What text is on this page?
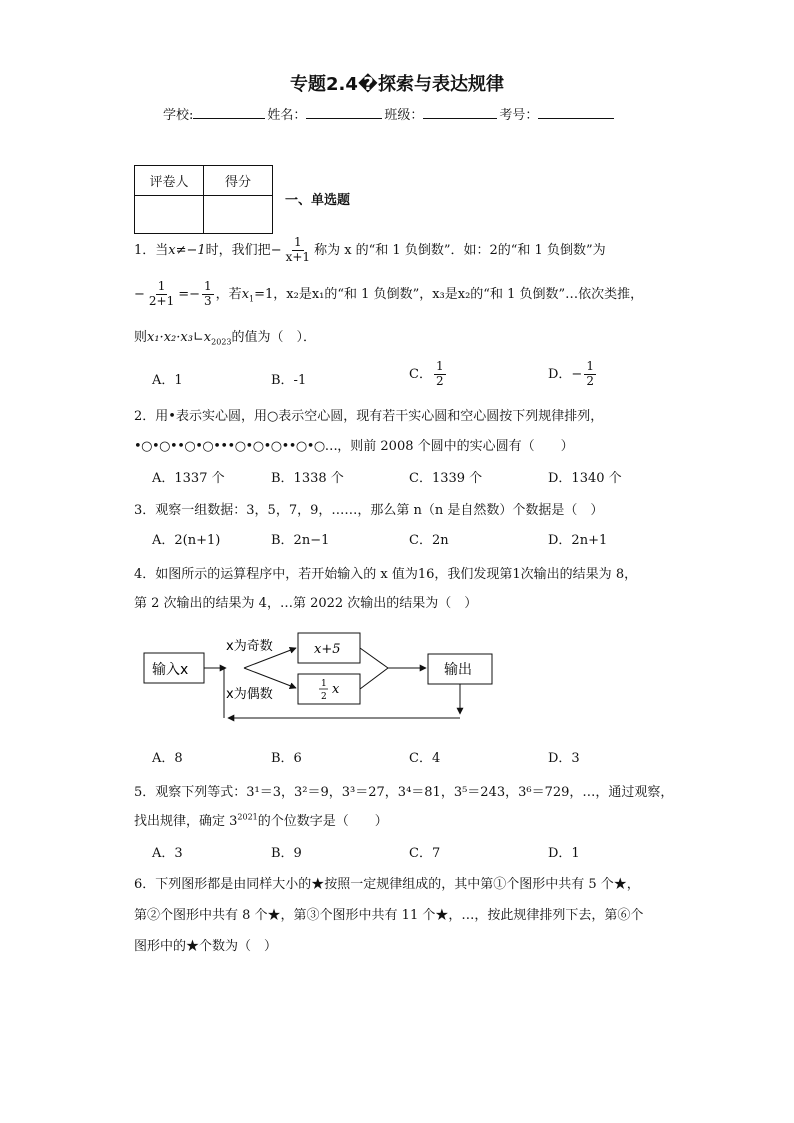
专题2.4�探索与表达规律
学校:	姓名：	班级：	考号：
评卷人	得分

一、单选题
1．当x≠−1时，我们把− $\frac{1}{x+1}$ 称为 x 的“和 1 负倒数”．如：2的“和 1 负倒数”为
− $\frac{1}{2+1} =- \frac{1}{3}$ ，若$x_1=1$，x₂是x₁的“和 1 负倒数”，x₃是x₂的“和 1 负倒数”…依次类推，
则$x_1\cdot x_2\cdot x_3∟x_{2023}$的值为（　）．
A．1	B．-1	C． $\frac{1}{2}$	D．− $\frac{1}{2}$
2．用•表示实心圆，用○表示空心圆，现有若干实心圆和空心圆按下列规律排列，
•○•○••○•○•••○•○•○••○•○…，则前 2008 个圆中的实心圆有（　　）
A．1337 个	B．1338 个	C．1339 个	D．1340 个
3．观察一组数据：3，5，7，9，……，那么第 n（n 是自然数）个数据是（　）
A．2(n+1)	B．2n−1	C．2n	D．2n+1
4．如图所示的运算程序中，若开始输入的 x 值为16，我们发现第1次输出的结果为 8，
第 2 次输出的结果为 4，…第 2022 次输出的结果为（　）
输入x
x为奇数
x为偶数
x+5
1
2 x
输出
A．8	B．6	C．4	D．3
5．观察下列等式：3¹＝3，3²＝9，3³＝27，3⁴＝81，3⁵＝243，3⁶＝729，…，通过观察，
找出规律，确定 $3^{2021}$的个位数字是（　　）
A．3	B．9	C．7	D．1
6．下列图形都是由同样大小的★按照一定规律组成的，其中第①个图形中共有 5 个★，
第②个图形中共有 8 个★，第③个图形中共有 11 个★，…，按此规律排列下去，第⑥个
图形中的★个数为（　）
